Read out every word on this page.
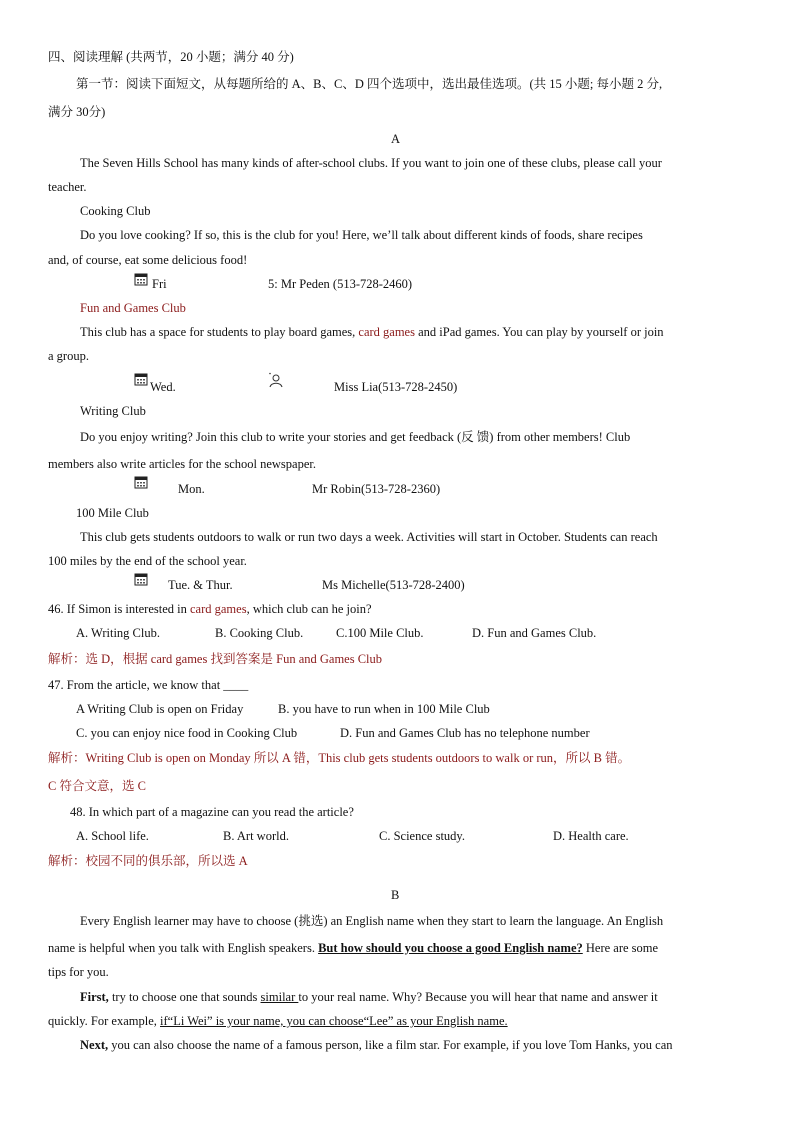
四、阅读理解 (共两节，20 小题；满分 40 分)
第一节：阅读下面短文，从每题所给的 A、B、C、D 四个选项中，选出最佳选项。(共 15 小题; 每小题 2 分,
满分 30分)
A
The Seven Hills School has many kinds of after-school clubs. If you want to join one of these clubs, please call your
teacher.
Cooking Club
Do you love cooking? If so, this is the club for you! Here, we’ll talk about different kinds of foods, share recipes
and, of course, eat some delicious food!
Fri	5: Mr Peden (513-728-2460)
Fun and Games Club
This club has a space for students to play board games, card games and iPad games. You can play by yourself or join
a group.
Wed.	Miss Lia(513-728-2450)
Writing Club
Do you enjoy writing? Join this club to write your stories and get feedback (反 馈) from other members! Club
members also write articles for the school newspaper.
Mon.	Mr Robin(513-728-2360)
100 Mile Club
This club gets students outdoors to walk or run two days a week. Activities will start in October. Students can reach
100 miles by the end of the school year.
Tue. & Thur.	Ms Michelle(513-728-2400)
46. If Simon is interested in card games, which club can he join?
A. Writing Club.	B. Cooking Club.	C.100 Mile Club.	D. Fun and Games Club.
解析：选 D，根据 card games 找到答案是 Fun and Games Club
47. From the article, we know that ____
A Writing Club is open on Friday	B. you have to run when in 100 Mile Club
C. you can enjoy nice food in Cooking Club	D. Fun and Games Club has no telephone number
解析：Writing Club is open on Monday 所以 A 错，This club gets students outdoors to walk or run，所以 B 错。
C 符合文意，选 C
48. In which part of a magazine can you read the article?
A. School life.	B. Art world.	C. Science study.	D. Health care.
解析：校园不同的俱乐部，所以选 A
B
Every English learner may have to choose (挑选) an English name when they start to learn the language. An English
name is helpful when you talk with English speakers. But how should you choose a good English name? Here are some
tips for you.
First, try to choose one that sounds similar to your real name. Why? Because you will hear that name and answer it
quickly. For example, if“Li Wei” is your name, you can choose“Lee” as your English name.
Next, you can also choose the name of a famous person, like a film star. For example, if you love Tom Hanks, you can
